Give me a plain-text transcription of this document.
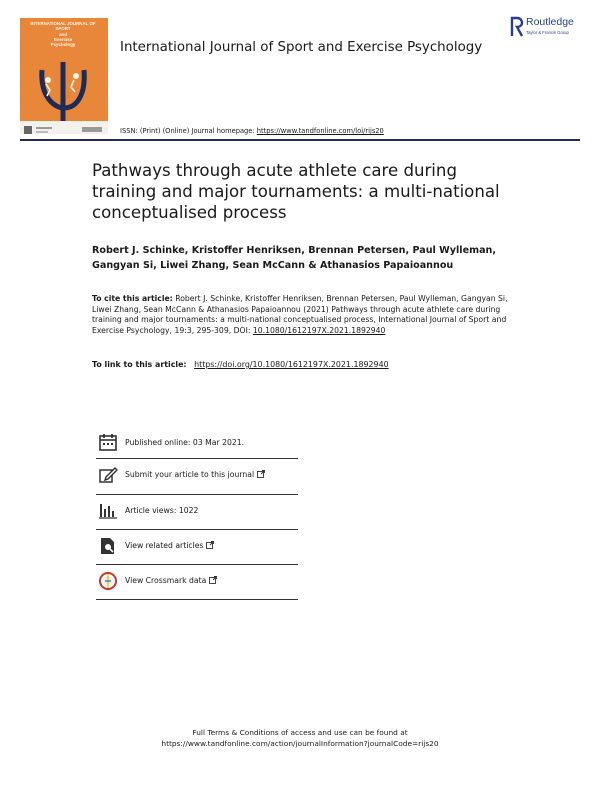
INTERNATIONAL JOURNAL OF
SPORT
and
Exercise
Psychology	International Journal of Sport and Exercise Psychology
Routledge
Taylor & Francis Group
ISSN: (Print) (Online) Journal homepage: https://www.tandfonline.com/loi/rijs20
Pathways through acute athlete care during training and major tournaments: a multi-national conceptualised process
Robert J. Schinke, Kristoffer Henriksen, Brennan Petersen, Paul Wylleman, Gangyan Si, Liwei Zhang, Sean McCann & Athanasios Papaioannou
To cite this article: Robert J. Schinke, Kristoffer Henriksen, Brennan Petersen, Paul Wylleman, Gangyan Si, Liwei Zhang, Sean McCann & Athanasios Papaioannou (2021) Pathways through acute athlete care during training and major tournaments: a multi-national conceptualised process, International Journal of Sport and Exercise Psychology, 19:3, 295-309, DOI: 10.1080/1612197X.2021.1892940
To link to this article: https://doi.org/10.1080/1612197X.2021.1892940
Published online: 03 Mar 2021.
Submit your article to this journal
Article views: 1022
View related articles
View Crossmark data
Full Terms & Conditions of access and use can be found at
https://www.tandfonline.com/action/journalInformation?journalCode=rijs20
